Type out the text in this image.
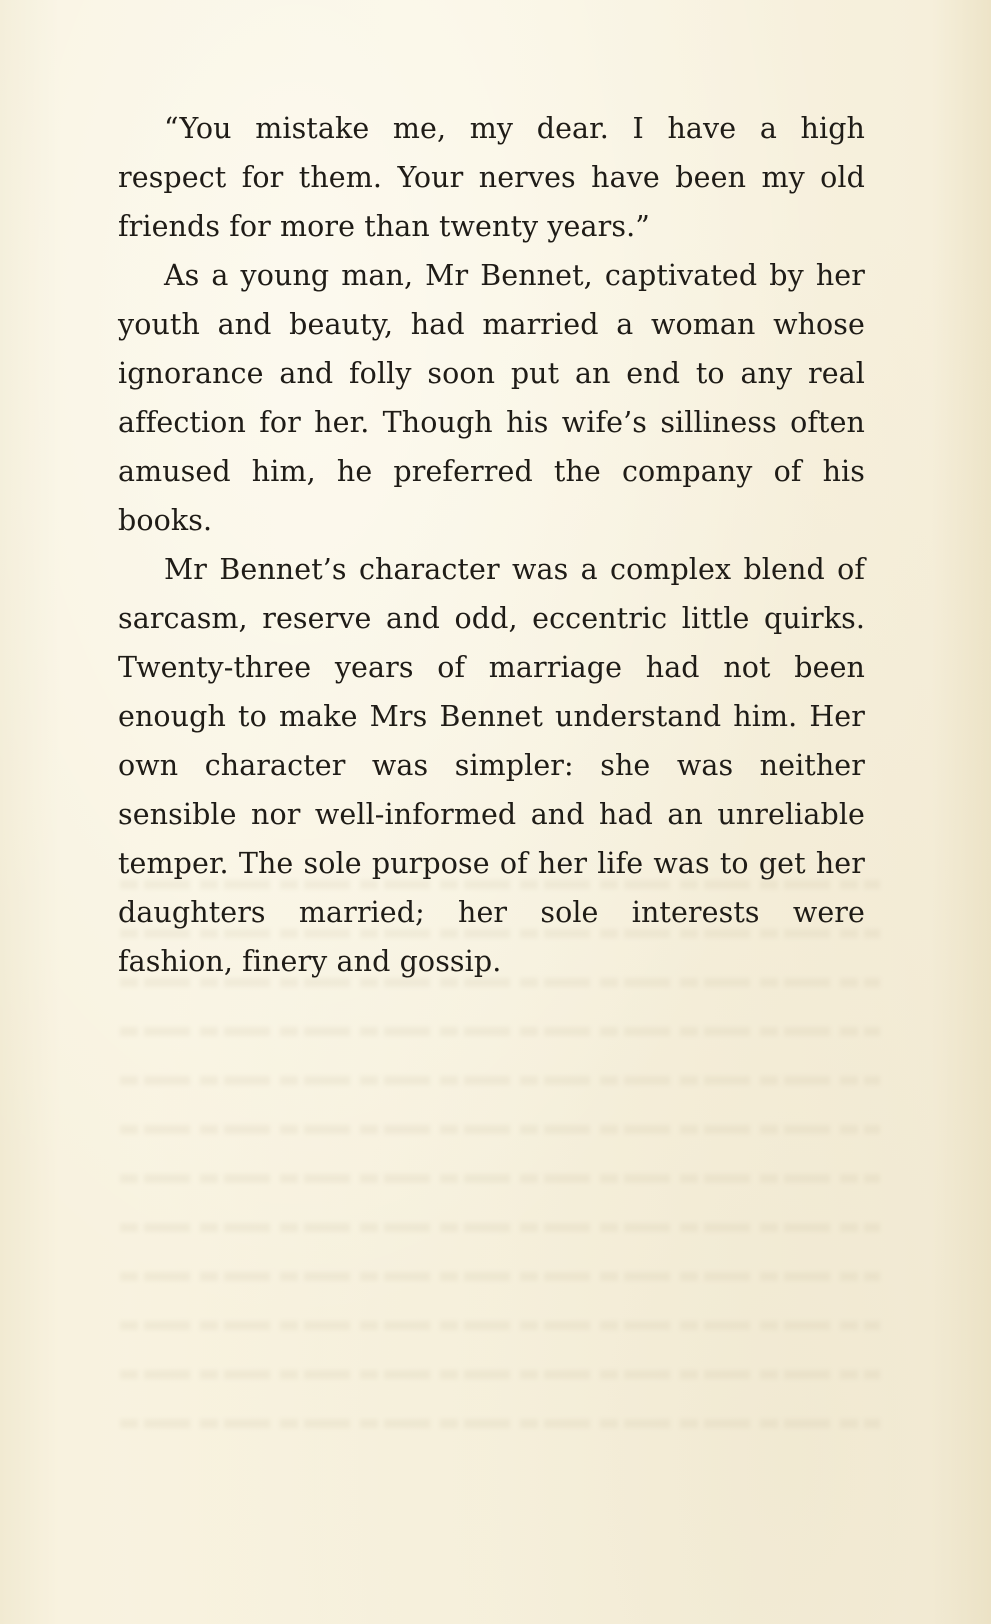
“You mistake me, my dear. I have a high respect for them. Your nerves have been my old friends for more than twenty years.”

As a young man, Mr Bennet, captivated by her youth and beauty, had married a woman whose ignorance and folly soon put an end to any real affection for her. Though his wife’s silliness often amused him, he preferred the company of his books.

Mr Bennet’s character was a complex blend of sarcasm, reserve and odd, eccentric little quirks. Twenty-three years of marriage had not been enough to make Mrs Bennet understand him. Her own character was simpler: she was neither sensible nor well-informed and had an unreliable temper. The sole purpose of her life was to get her daughters married; her sole interests were fashion, finery and gossip.
